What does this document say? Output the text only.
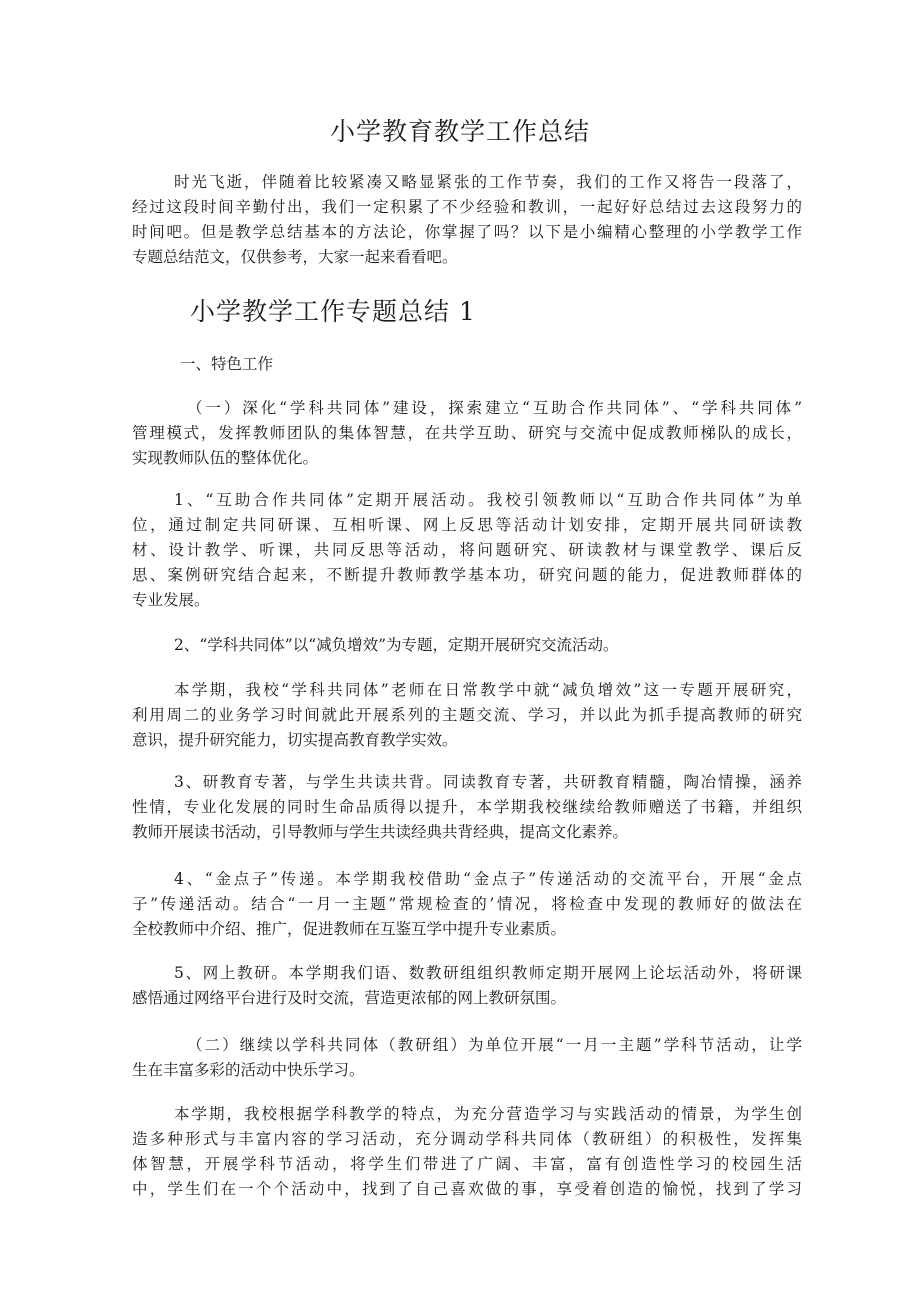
小学教育教学工作总结
时光飞逝，伴随着比较紧凑又略显紧张的工作节奏，我们的工作又将告一段落了，
经过这段时间辛勤付出，我们一定积累了不少经验和教训，一起好好总结过去这段努力的
时间吧。但是教学总结基本的方法论，你掌握了吗？以下是小编精心整理的小学教学工作
专题总结范文，仅供参考，大家一起来看看吧。
小学教学工作专题总结 1
一、特色工作
（一）深化“学科共同体”建设，探索建立“互助合作共同体”、“学科共同体”
管理模式，发挥教师团队的集体智慧，在共学互助、研究与交流中促成教师梯队的成长，
实现教师队伍的整体优化。
1、“互助合作共同体”定期开展活动。我校引领教师以“互助合作共同体”为单
位，通过制定共同研课、互相听课、网上反思等活动计划安排，定期开展共同研读教
材、设计教学、听课，共同反思等活动，将问题研究、研读教材与课堂教学、课后反
思、案例研究结合起来，不断提升教师教学基本功，研究问题的能力，促进教师群体的
专业发展。
2、“学科共同体”以“减负增效”为专题，定期开展研究交流活动。
本学期，我校“学科共同体”老师在日常教学中就“减负增效”这一专题开展研究，
利用周二的业务学习时间就此开展系列的主题交流、学习，并以此为抓手提高教师的研究
意识，提升研究能力，切实提高教育教学实效。
3、研教育专著，与学生共读共背。同读教育专著，共研教育精髓，陶冶情操，涵养
性情，专业化发展的同时生命品质得以提升，本学期我校继续给教师赠送了书籍，并组织
教师开展读书活动，引导教师与学生共读经典共背经典，提高文化素养。
4、“金点子”传递。本学期我校借助“金点子”传递活动的交流平台，开展“金点
子”传递活动。结合“一月一主题”常规检查的’情况，将检查中发现的教师好的做法在
全校教师中介绍、推广，促进教师在互鉴互学中提升专业素质。
5、网上教研。本学期我们语、数教研组组织教师定期开展网上论坛活动外，将研课
感悟通过网络平台进行及时交流，营造更浓郁的网上教研氛围。
（二）继续以学科共同体（教研组）为单位开展“一月一主题”学科节活动，让学
生在丰富多彩的活动中快乐学习。
本学期，我校根据学科教学的特点，为充分营造学习与实践活动的情景，为学生创
造多种形式与丰富内容的学习活动，充分调动学科共同体（教研组）的积极性，发挥集
体智慧，开展学科节活动，将学生们带进了广阔、丰富，富有创造性学习的校园生活
中，学生们在一个个活动中，找到了自己喜欢做的事，享受着创造的愉悦，找到了学习
